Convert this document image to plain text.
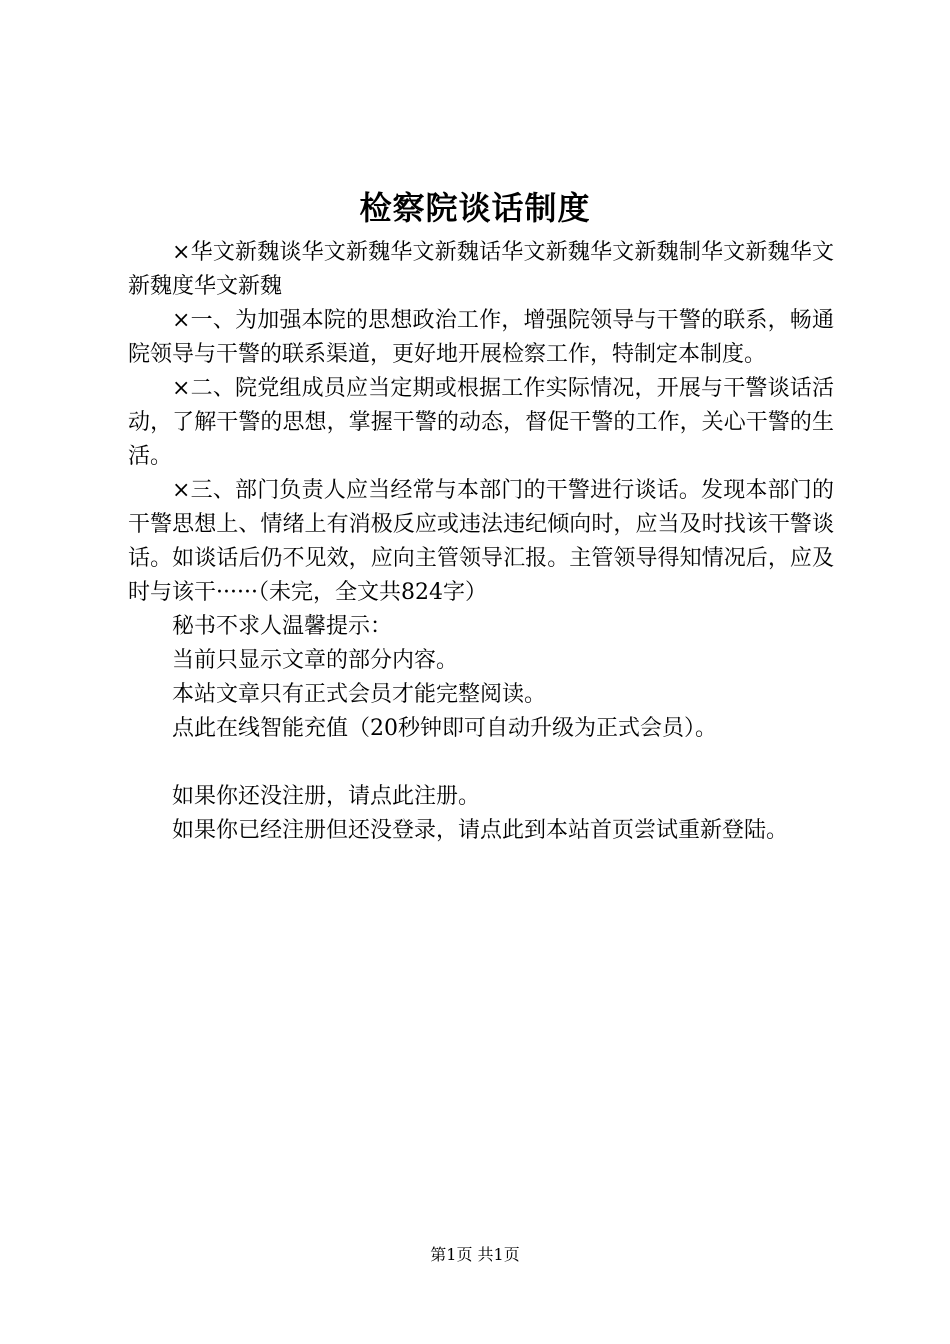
检察院谈话制度

×华文新魏谈华文新魏华文新魏话华文新魏华文新魏制华文新魏华文新魏度华文新魏

×一、为加强本院的思想政治工作，增强院领导与干警的联系，畅通院领导与干警的联系渠道，更好地开展检察工作，特制定本制度。

×二、院党组成员应当定期或根据工作实际情况，开展与干警谈话活动，了解干警的思想，掌握干警的动态，督促干警的工作，关心干警的生活。

×三、部门负责人应当经常与本部门的干警进行谈话。发现本部门的干警思想上、情绪上有消极反应或违法违纪倾向时，应当及时找该干警谈话。如谈话后仍不见效，应向主管领导汇报。主管领导得知情况后，应及时与该干······（未完，全文共824字）

秘书不求人温馨提示：

当前只显示文章的部分内容。

本站文章只有正式会员才能完整阅读。

点此在线智能充值（20秒钟即可自动升级为正式会员）。

如果你还没注册，请点此注册。

如果你已经注册但还没登录，请点此到本站首页尝试重新登陆。

第1页 共1页
